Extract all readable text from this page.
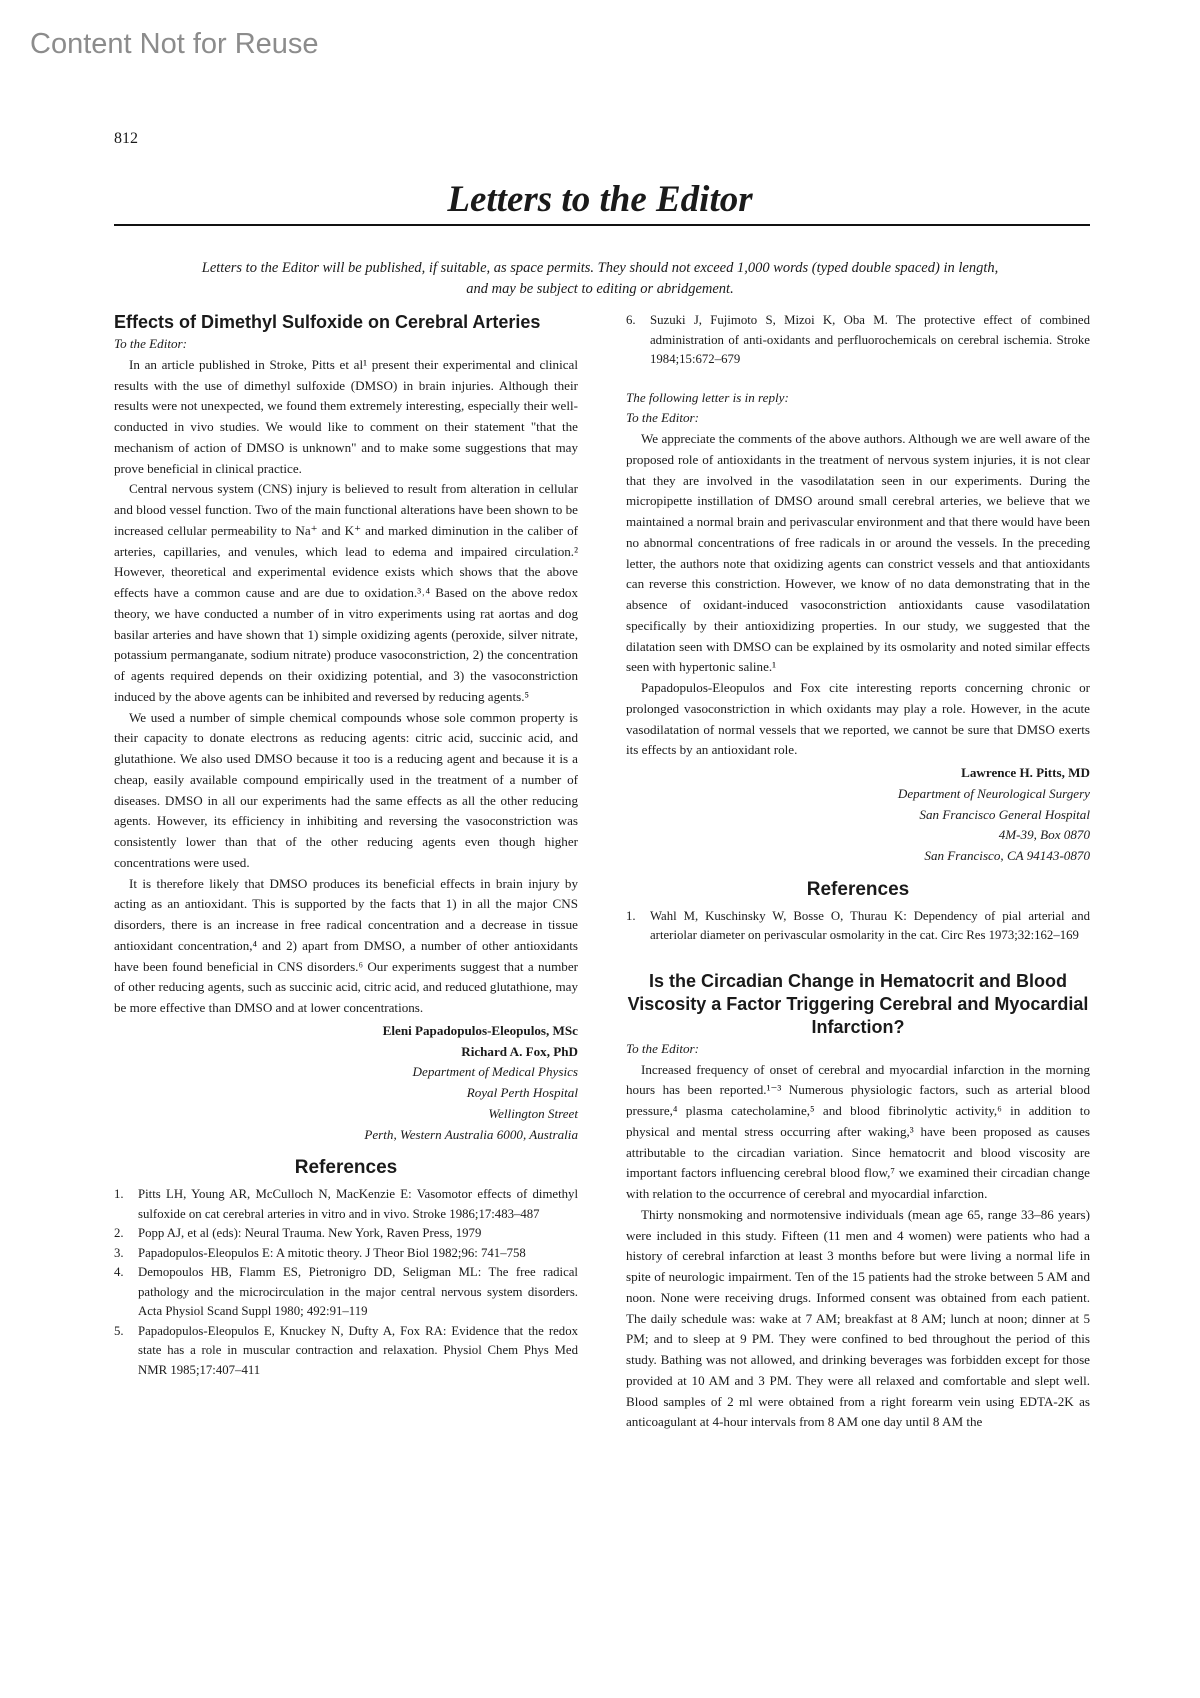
Content Not for Reuse
812
Letters to the Editor
Letters to the Editor will be published, if suitable, as space permits. They should not exceed 1,000 words (typed double spaced) in length, and may be subject to editing or abridgement.
Effects of Dimethyl Sulfoxide on Cerebral Arteries

To the Editor:

In an article published in Stroke, Pitts et al¹ present their experimental and clinical results with the use of dimethyl sulfoxide (DMSO) in brain injuries. Although their results were not unexpected, we found them extremely interesting, especially their well-conducted in vivo studies. We would like to comment on their statement "that the mechanism of action of DMSO is unknown" and to make some suggestions that may prove beneficial in clinical practice.

Central nervous system (CNS) injury is believed to result from alteration in cellular and blood vessel function. Two of the main functional alterations have been shown to be increased cellular permeability to Na⁺ and K⁺ and marked diminution in the caliber of arteries, capillaries, and venules, which lead to edema and impaired circulation.² However, theoretical and experimental evidence exists which shows that the above effects have a common cause and are due to oxidation.³˒⁴ Based on the above redox theory, we have conducted a number of in vitro experiments using rat aortas and dog basilar arteries and have shown that 1) simple oxidizing agents (peroxide, silver nitrate, potassium permanganate, sodium nitrate) produce vasoconstriction, 2) the concentration of agents required depends on their oxidizing potential, and 3) the vasoconstriction induced by the above agents can be inhibited and reversed by reducing agents.⁵

We used a number of simple chemical compounds whose sole common property is their capacity to donate electrons as reducing agents: citric acid, succinic acid, and glutathione. We also used DMSO because it too is a reducing agent and because it is a cheap, easily available compound empirically used in the treatment of a number of diseases. DMSO in all our experiments had the same effects as all the other reducing agents. However, its efficiency in inhibiting and reversing the vasoconstriction was consistently lower than that of the other reducing agents even though higher concentrations were used.

It is therefore likely that DMSO produces its beneficial effects in brain injury by acting as an antioxidant. This is supported by the facts that 1) in all the major CNS disorders, there is an increase in free radical concentration and a decrease in tissue antioxidant concentration,⁴ and 2) apart from DMSO, a number of other antioxidants have been found beneficial in CNS disorders.⁶ Our experiments suggest that a number of other reducing agents, such as succinic acid, citric acid, and reduced glutathione, may be more effective than DMSO and at lower concentrations.

Eleni Papadopulos-Eleopulos, MSc

Richard A. Fox, PhD

Department of Medical Physics

Royal Perth Hospital

Wellington Street

Perth, Western Australia 6000, Australia

References
1. Pitts LH, Young AR, McCulloch N, MacKenzie E: Vasomotor effects of dimethyl sulfoxide on cat cerebral arteries in vitro and in vivo. Stroke 1986;17:483–487
2. Popp AJ, et al (eds): Neural Trauma. New York, Raven Press, 1979
3. Papadopulos-Eleopulos E: A mitotic theory. J Theor Biol 1982;96: 741–758
4. Demopoulos HB, Flamm ES, Pietronigro DD, Seligman ML: The free radical pathology and the microcirculation in the major central nervous system disorders. Acta Physiol Scand Suppl 1980; 492:91–119
5. Papadopulos-Eleopulos E, Knuckey N, Dufty A, Fox RA: Evidence that the redox state has a role in muscular contraction and relaxation. Physiol Chem Phys Med NMR 1985;17:407–411
6. Suzuki J, Fujimoto S, Mizoi K, Oba M. The protective effect of combined administration of anti-oxidants and perfluorochemicals on cerebral ischemia. Stroke 1984;15:672–679

The following letter is in reply:

To the Editor:

We appreciate the comments of the above authors. Although we are well aware of the proposed role of antioxidants in the treatment of nervous system injuries, it is not clear that they are involved in the vasodilatation seen in our experiments. During the micropipette instillation of DMSO around small cerebral arteries, we believe that we maintained a normal brain and perivascular environment and that there would have been no abnormal concentrations of free radicals in or around the vessels. In the preceding letter, the authors note that oxidizing agents can constrict vessels and that antioxidants can reverse this constriction. However, we know of no data demonstrating that in the absence of oxidant-induced vasoconstriction antioxidants cause vasodilatation specifically by their antioxidizing properties. In our study, we suggested that the dilatation seen with DMSO can be explained by its osmolarity and noted similar effects seen with hypertonic saline.¹

Papadopulos-Eleopulos and Fox cite interesting reports concerning chronic or prolonged vasoconstriction in which oxidants may play a role. However, in the acute vasodilatation of normal vessels that we reported, we cannot be sure that DMSO exerts its effects by an antioxidant role.

Lawrence H. Pitts, MD

Department of Neurological Surgery

San Francisco General Hospital

4M-39, Box 0870

San Francisco, CA 94143-0870

References
1. Wahl M, Kuschinsky W, Bosse O, Thurau K: Dependency of pial arterial and arteriolar diameter on perivascular osmolarity in the cat. Circ Res 1973;32:162–169
Is the Circadian Change in Hematocrit and Blood Viscosity a Factor Triggering Cerebral and Myocardial Infarction?

To the Editor:

Increased frequency of onset of cerebral and myocardial infarction in the morning hours has been reported.¹⁻³ Numerous physiologic factors, such as arterial blood pressure,⁴ plasma catecholamine,⁵ and blood fibrinolytic activity,⁶ in addition to physical and mental stress occurring after waking,³ have been proposed as causes attributable to the circadian variation. Since hematocrit and blood viscosity are important factors influencing cerebral blood flow,⁷ we examined their circadian change with relation to the occurrence of cerebral and myocardial infarction.

Thirty nonsmoking and normotensive individuals (mean age 65, range 33–86 years) were included in this study. Fifteen (11 men and 4 women) were patients who had a history of cerebral infarction at least 3 months before but were living a normal life in spite of neurologic impairment. Ten of the 15 patients had the stroke between 5 AM and noon. None were receiving drugs. Informed consent was obtained from each patient. The daily schedule was: wake at 7 AM; breakfast at 8 AM; lunch at noon; dinner at 5 PM; and to sleep at 9 PM. They were confined to bed throughout the period of this study. Bathing was not allowed, and drinking beverages was forbidden except for those provided at 10 AM and 3 PM. They were all relaxed and comfortable and slept well. Blood samples of 2 ml were obtained from a right forearm vein using EDTA-2K as anticoagulant at 4-hour intervals from 8 AM one day until 8 AM the
